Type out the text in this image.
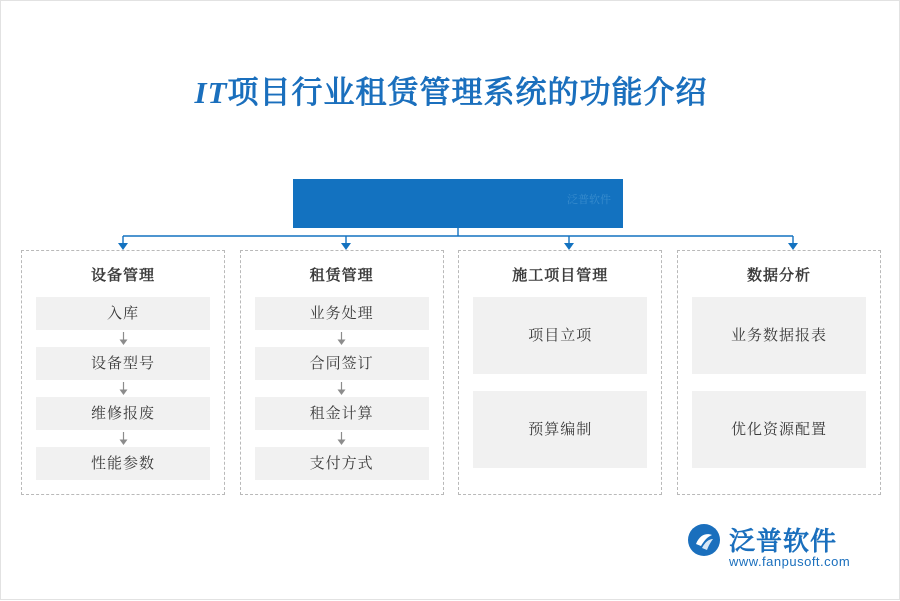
IT项目行业租赁管理系统的功能介绍
泛普软件
设备管理
入库
设备型号
维修报废
性能参数
租赁管理
业务处理
合同签订
租金计算
支付方式
施工项目管理
项目立项
预算编制
数据分析
业务数据报表
优化资源配置
泛普软件
www.fanpusoft.com
